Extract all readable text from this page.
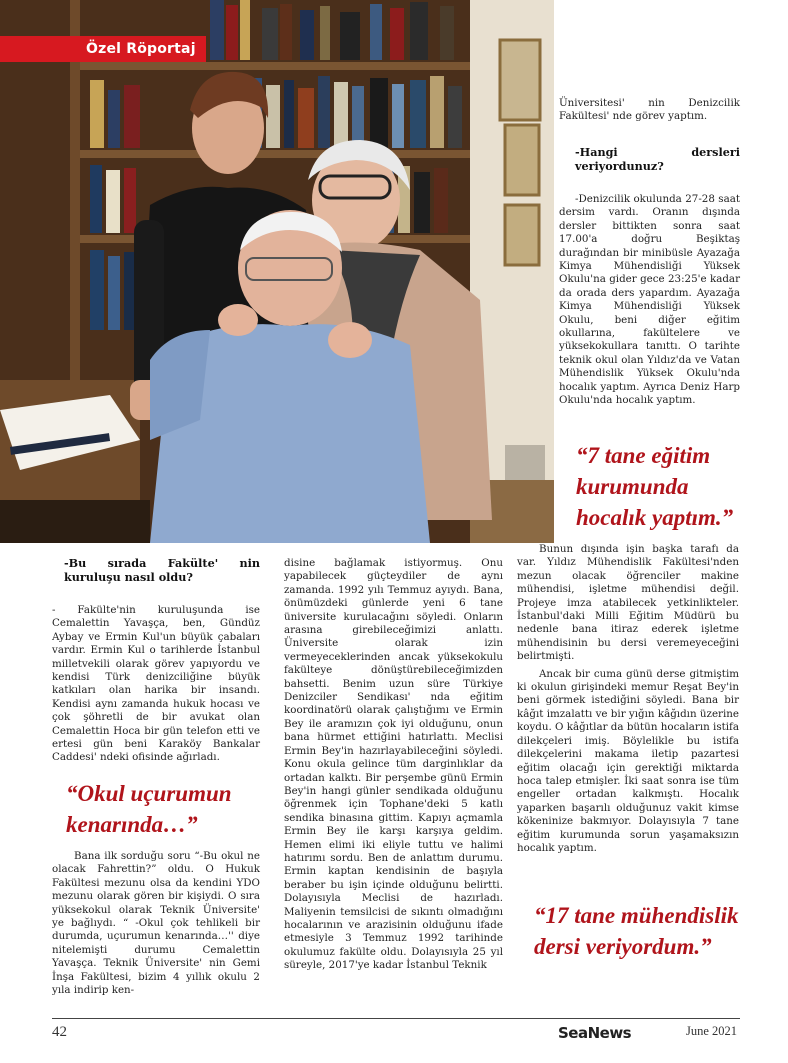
Özel Röportaj
Üniversitesi' nin Denizcilik Fakültesi' nde görev yaptım.
-Hangi dersleri veriyordunuz?
-Denizcilik okulunda 27-28 saat dersim vardı. Oranın dışında dersler bittikten sonra saat 17.00'a doğru Beşiktaş durağından bir minibüsle Ayazağa Kimya Mühendisliği Yüksek Okulu'na gider gece 23:25'e kadar da orada ders yapardım. Ayazağa Kimya Mühendisliği Yüksek Okulu, beni diğer eğitim okullarına, fakültelere ve yüksekokullara tanıttı. O tarihte teknik okul olan Yıldız'da ve Vatan Mühendislik Yüksek Okulu'nda hocalık yaptım. Ayrıca Deniz Harp Okulu'nda hocalık yaptım.
“7 tane eğitim kurumunda hocalık yaptım.”
-Bu sırada Fakülte' nin kuruluşu nasıl oldu?

- Fakülte'nin kuruluşunda ise Cemalettin Yavaşça, ben, Gündüz Aybay ve Ermin Kul'un büyük çabaları vardır. Ermin Kul o tarihlerde İstanbul milletvekili olarak görev yapıyordu ve kendisi Türk denizciliğine büyük katkıları olan harika bir insandı. Kendisi aynı zamanda hukuk hocası ve çok şöhretli de bir avukat olan Cemalettin Hoca bir gün telefon etti ve ertesi gün beni Karaköy Bankalar Caddesi' ndeki ofisinde ağırladı.

“Okul uçurumun kenarında…”

Bana ilk sorduğu soru “-Bu okul ne olacak Fahrettin?” oldu. O Hukuk Fakültesi mezunu olsa da kendini YDO mezunu olarak gören bir kişiydi. O sıra yüksekokul olarak Teknik Üniversite' ye bağlıydı. “ -Okul çok tehlikeli bir durumda, uçurumun kenarında…'' diye nitelemişti durumu Cemalettin Yavaşça. Teknik Üniversite' nin Gemi İnşa Fakültesi, bizim 4 yıllık okulu 2 yıla indirip ken-

disine bağlamak istiyormuş. Onu yapabilecek güçteydiler de aynı zamanda. 1992 yılı Temmuz ayıydı. Bana, önümüzdeki günlerde yeni 6 tane üniversite kurulacağını söyledi. Onların arasına girebileceğimizi anlattı. Üniversite olarak izin vermeyeceklerinden ancak yüksekokulu fakülteye dönüştürebileceğimizden bahsetti. Benim uzun süre Türkiye Denizciler Sendikası' nda eğitim koordinatörü olarak çalıştığımı ve Ermin Bey ile aramızın çok iyi olduğunu, onun bana hürmet ettiğini hatırlattı. Meclisi Ermin Bey'in hazırlayabileceğini söyledi. Konu okula gelince tüm darginlıklar da ortadan kalktı. Bir perşembe günü Ermin Bey'in hangi günler sendikada olduğunu öğrenmek için Tophane'deki 5 katlı sendika binasına gittim. Kapıyı açmamla Ermin Bey ile karşı karşıya geldim. Hemen elimi iki eliyle tuttu ve halimi hatırımı sordu. Ben de anlattım durumu. Ermin kaptan kendisinin de başıyla beraber bu işin içinde olduğunu belirtti. Dolayısıyla Meclisi de hazırladı. Maliyenin temsilcisi de sıkıntı olmadığını hocalarının ve arazisinin olduğunu ifade etmesiyle 3 Temmuz 1992 tarihinde okulumuz fakülte oldu. Dolayısıyla 25 yıl süreyle, 2017'ye kadar İstanbul Teknik

Bunun dışında işin başka tarafı da var. Yıldız Mühendislik Fakültesi'nden mezun olacak öğrenciler makine mühendisi, işletme mühendisi değil. Projeye imza atabilecek yetkinlikteler. İstanbul'daki Milli Eğitim Müdürü bu nedenle bana itiraz ederek işletme mühendisinin bu dersi veremeyeceğini belirtmişti.

Ancak bir cuma günü derse gitmiştim ki okulun girişindeki memur Reşat Bey'in beni görmek istediğini söyledi. Bana bir kâğıt imzalattı ve bir yığın kâğıdın üzerine koydu. O kâğıtlar da bütün hocaların istifa dilekçeleri imiş. Böylelikle bu istifa dilekçelerini makama iletip pazartesi eğitim olacağı için gerektiği miktarda hoca talep etmişler. İki saat sonra ise tüm engeller ortadan kalkmıştı. Hocalık yaparken başarılı olduğunuz vakit kimse kökeninize bakmıyor. Dolayısıyla 7 tane eğitim kurumunda sorun yaşamaksızın hocalık yaptım.

“17 tane mühendislik dersi veriyordum.”
42	SeaNews	June 2021
